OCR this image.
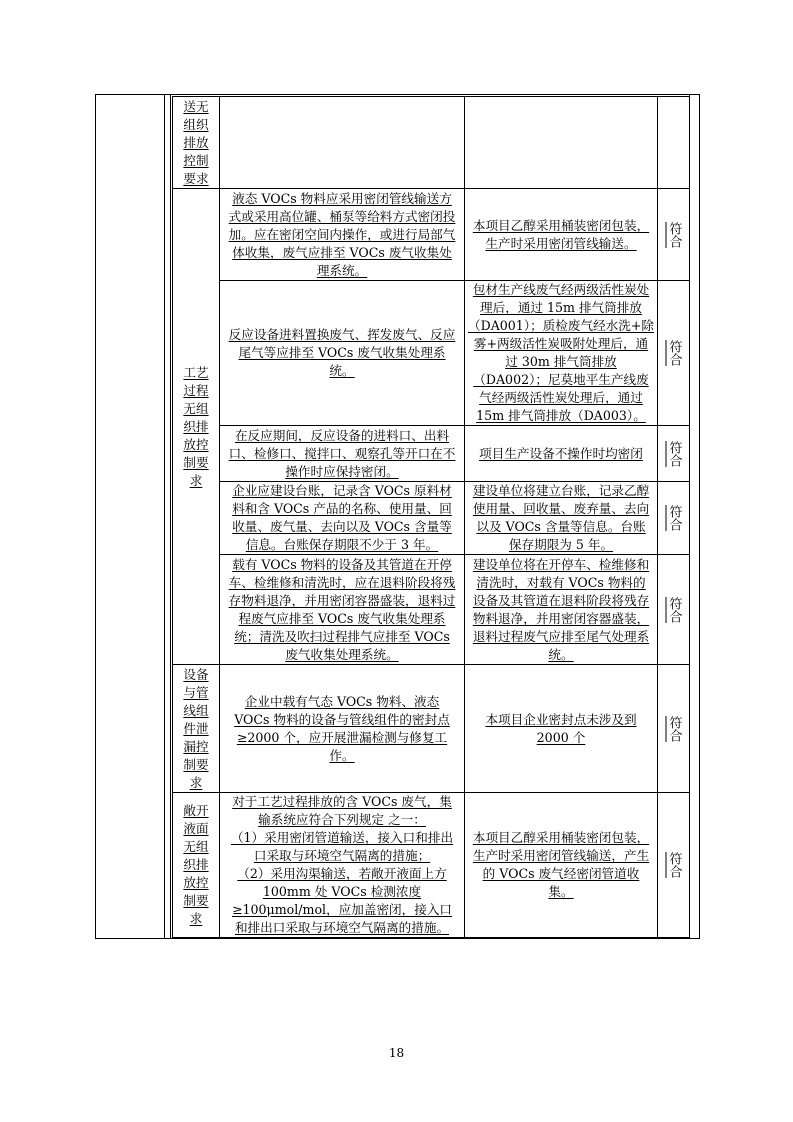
送无组织排放控制要求			

工艺过程无组织排放控制要求	液态 VOCs 物料应采用密闭管线输送方式或采用高位罐、桶泵等给料方式密闭投加。应在密闭空间内操作，或进行局部气体收集，废气应排至 VOCs 废气收集处理系统。	本项目乙醇采用桶装密闭包装，生产时采用密闭管线输送。	符合

	反应设备进料置换废气、挥发废气、反应尾气等应排至 VOCs 废气收集处理系统。	包材生产线废气经两级活性炭处理后，通过 15m 排气筒排放（DA001）；质检废气经水洗+除雾+两级活性炭吸附处理后，通过 30m 排气筒排放（DA002）；尼莫地平生产线废气经两级活性炭处理后，通过 15m 排气筒排放（DA003）。	符合

	在反应期间，反应设备的进料口、出料口、检修口、搅拌口、观察孔等开口在不操作时应保持密闭。	项目生产设备不操作时均密闭	符合

	企业应建设台账，记录含 VOCs 原料材料和含 VOCs 产品的名称、使用量、回收量、废气量、去向以及 VOCs 含量等信息。台账保存期限不少于 3 年。	建设单位将建立台账，记录乙醇使用量、回收量、废弃量、去向以及 VOCs 含量等信息。台账保存期限为 5 年。	符合

	载有 VOCs 物料的设备及其管道在开停车、检维修和清洗时，应在退料阶段将残存物料退净，并用密闭容器盛装，退料过程废气应排至 VOCs 废气收集处理系统；清洗及吹扫过程排气应排至 VOCs 废气收集处理系统。	建设单位将在开停车、检维修和清洗时，对载有 VOCs 物料的设备及其管道在退料阶段将残存物料退净，并用密闭容器盛装，退料过程废气应排至尾气处理系统。	符合

设备与管线组件泄漏控制要求	企业中载有气态 VOCs 物料、液态 VOCs 物料的设备与管线组件的密封点≥2000 个，应开展泄漏检测与修复工作。	本项目企业密封点未涉及到 2000 个	符合

敞开液面无组织排放控制要求	对于工艺过程排放的含 VOCs 废气，集输系统应符合下列规定 之一：
（1）采用密闭管道输送，接入口和排出口采取与环境空气隔离的措施；
（2）采用沟渠输送，若敞开液面上方 100mm 处 VOCs 检测浓度 ≥100μmol/mol，应加盖密闭，接入口和排出口采取与环境空气隔离的措施。	本项目乙醇采用桶装密闭包装，生产时采用密闭管线输送，产生的 VOCs 废气经密闭管道收集。	符合
18
